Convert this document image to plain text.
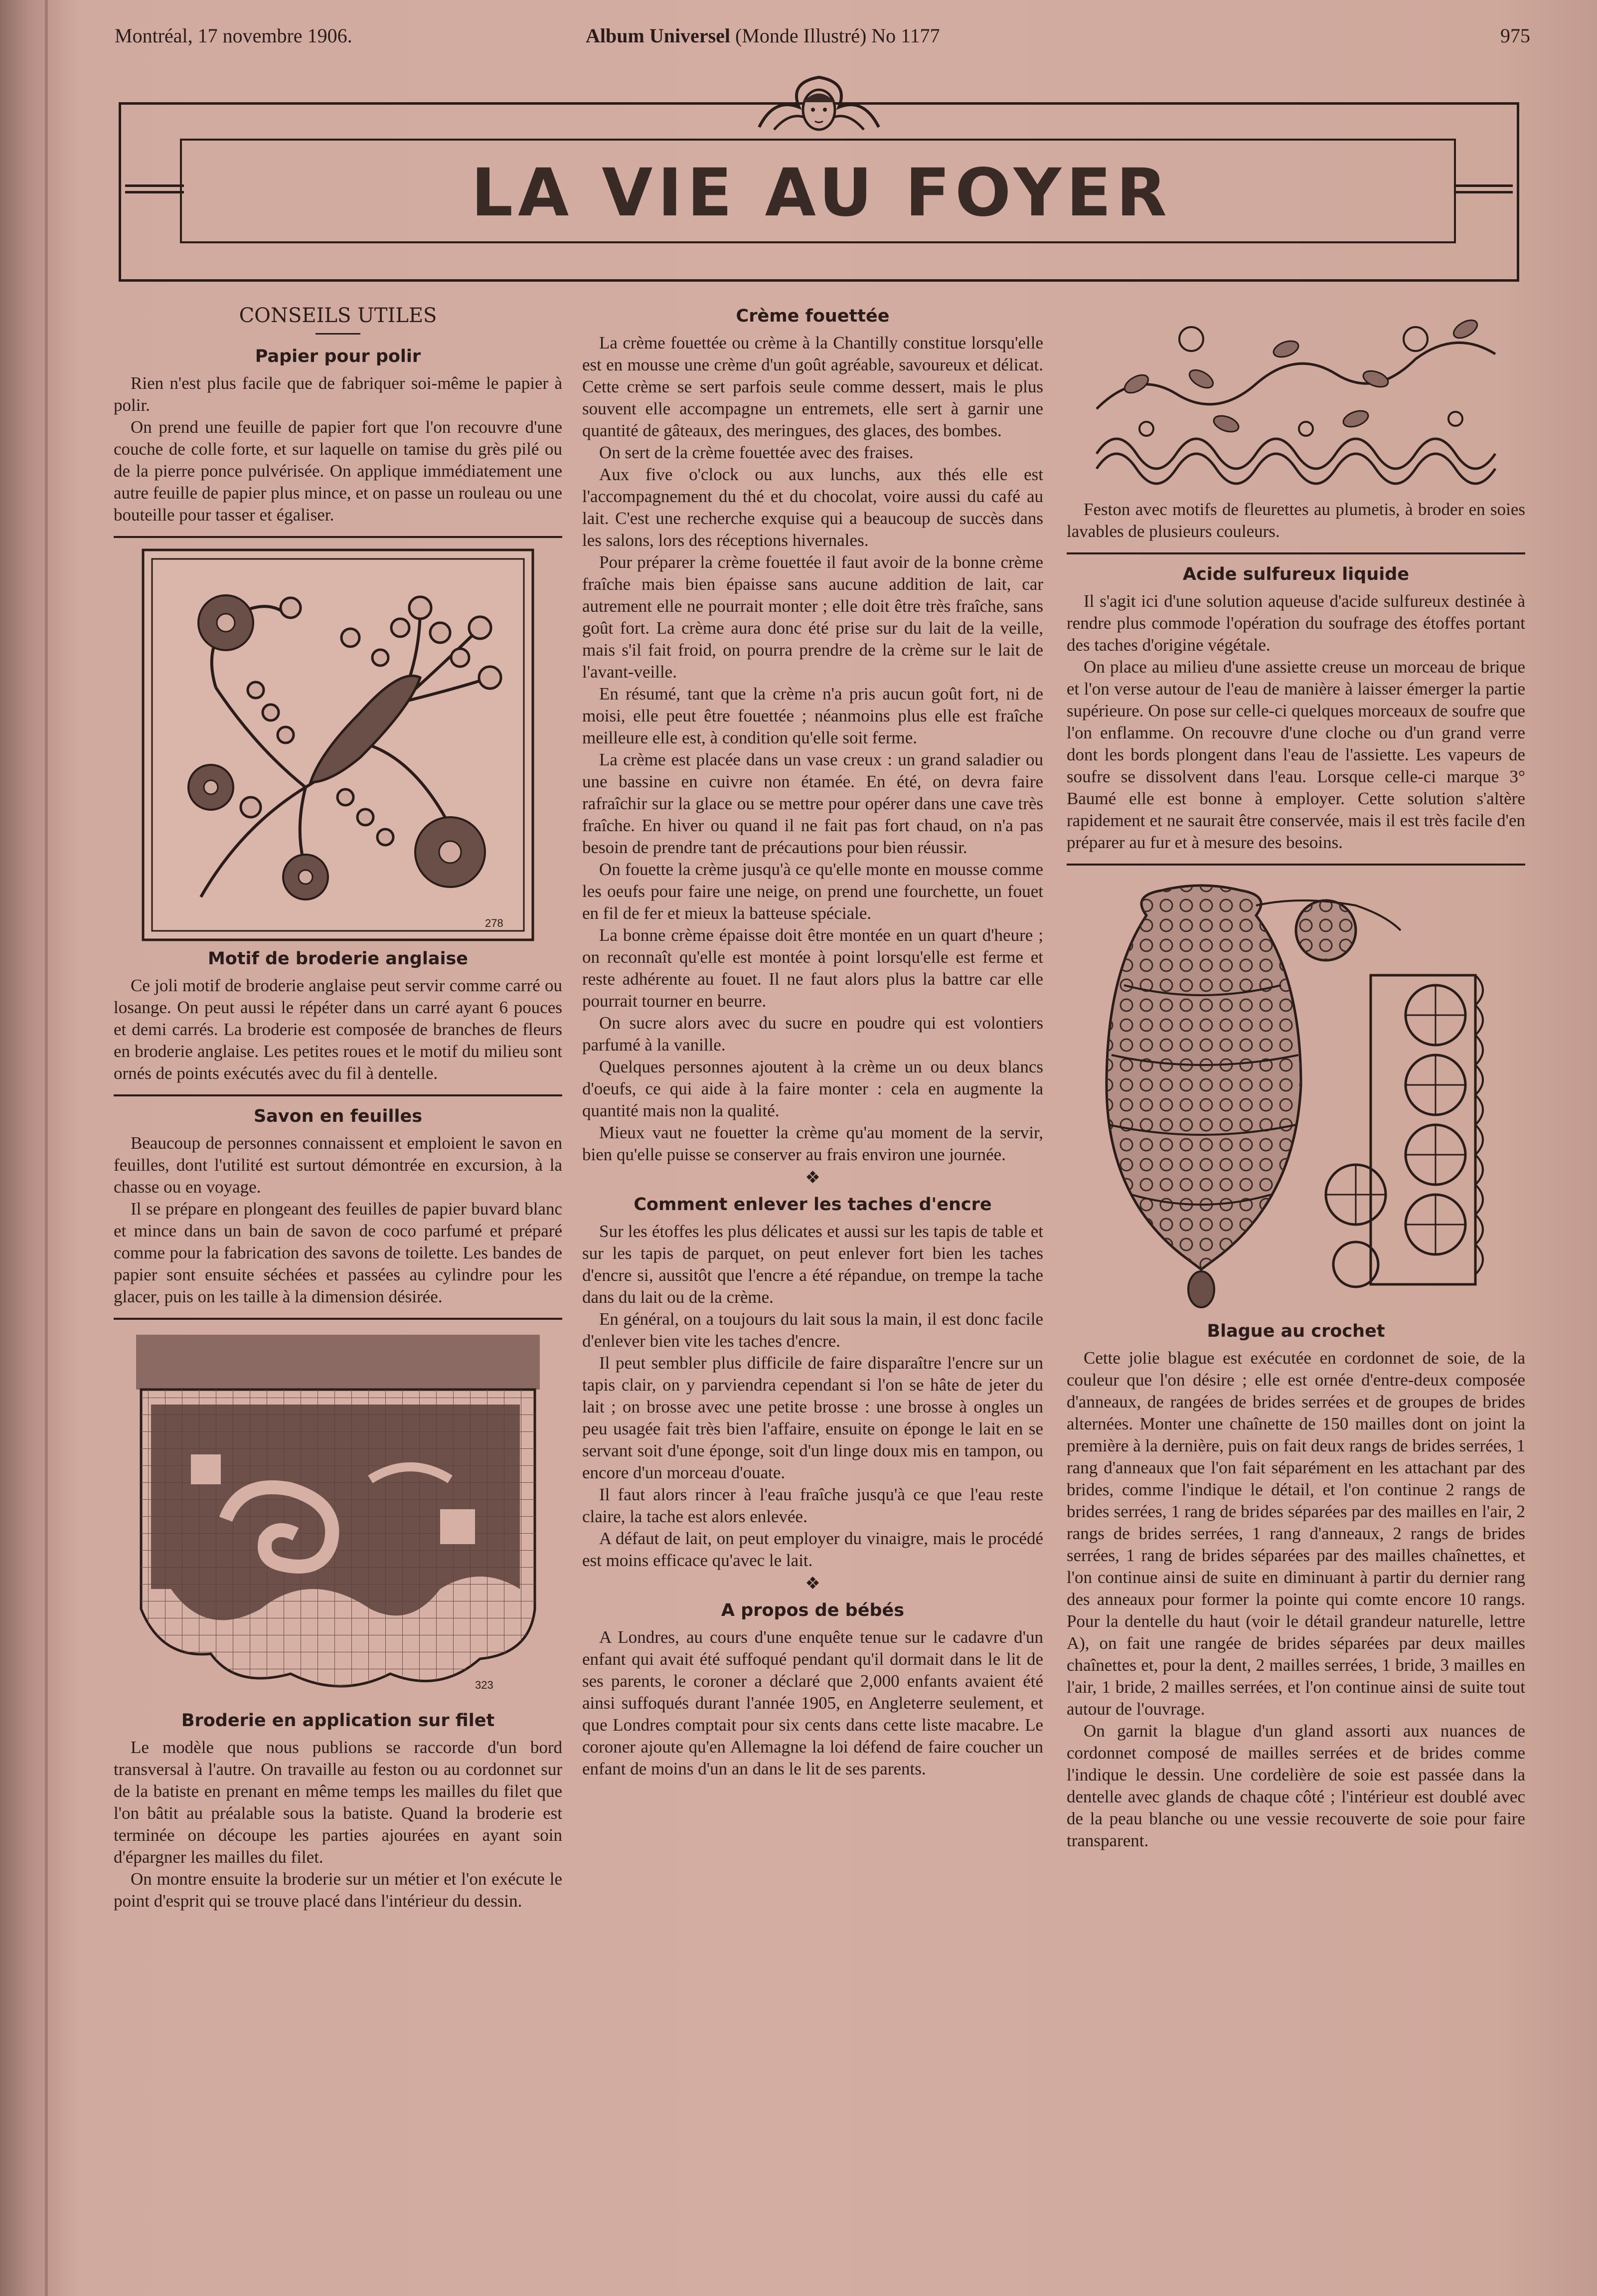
Montréal, 17 novembre 1906.	Album Universel (Monde Illustré) No 1177	975
LA VIE AU FOYER
CONSEILS UTILES
Papier pour polir

Rien n'est plus facile que de fabriquer soi-même le papier à polir.

On prend une feuille de papier fort que l'on recouvre d'une couche de colle forte, et sur laquelle on tamise du grès pilé ou de la pierre ponce pulvérisée. On applique immédiatement une autre feuille de papier plus mince, et on passe un rouleau ou une bouteille pour tasser et égaliser.

278
Motif de broderie anglaise

Ce joli motif de broderie anglaise peut servir comme carré ou losange. On peut aussi le répéter dans un carré ayant 6 pouces et demi carrés. La broderie est composée de branches de fleurs en broderie anglaise. Les petites roues et le motif du milieu sont ornés de points exécutés avec du fil à dentelle.

Savon en feuilles

Beaucoup de personnes connaissent et emploient le savon en feuilles, dont l'utilité est surtout démontrée en excursion, à la chasse ou en voyage.

Il se prépare en plongeant des feuilles de papier buvard blanc et mince dans un bain de savon de coco parfumé et préparé comme pour la fabrication des savons de toilette. Les bandes de papier sont ensuite séchées et passées au cylindre pour les glacer, puis on les taille à la dimension désirée.

323
Broderie en application sur filet

Le modèle que nous publions se raccorde d'un bord transversal à l'autre. On travaille au feston ou au cordonnet sur de la batiste en prenant en même temps les mailles du filet que l'on bâtit au préalable sous la batiste. Quand la broderie est terminée on découpe les parties ajourées en ayant soin d'épargner les mailles du filet.

On montre ensuite la broderie sur un métier et l'on exécute le point d'esprit qui se trouve placé dans l'intérieur du dessin.

Crème fouettée

La crème fouettée ou crème à la Chantilly constitue lorsqu'elle est en mousse une crème d'un goût agréable, savoureux et délicat. Cette crème se sert parfois seule comme dessert, mais le plus souvent elle accompagne un entremets, elle sert à garnir une quantité de gâteaux, des meringues, des glaces, des bombes.

On sert de la crème fouettée avec des fraises.

Aux five o'clock ou aux lunchs, aux thés elle est l'accompagnement du thé et du chocolat, voire aussi du café au lait. C'est une recherche exquise qui a beaucoup de succès dans les salons, lors des réceptions hivernales.

Pour préparer la crème fouettée il faut avoir de la bonne crème fraîche mais bien épaisse sans aucune addition de lait, car autrement elle ne pourrait monter ; elle doit être très fraîche, sans goût fort. La crème aura donc été prise sur du lait de la veille, mais s'il fait froid, on pourra prendre de la crème sur le lait de l'avant-veille.

En résumé, tant que la crème n'a pris aucun goût fort, ni de moisi, elle peut être fouettée ; néanmoins plus elle est fraîche meilleure elle est, à condition qu'elle soit ferme.

La crème est placée dans un vase creux : un grand saladier ou une bassine en cuivre non étamée. En été, on devra faire rafraîchir sur la glace ou se mettre pour opérer dans une cave très fraîche. En hiver ou quand il ne fait pas fort chaud, on n'a pas besoin de prendre tant de précautions pour bien réussir.

On fouette la crème jusqu'à ce qu'elle monte en mousse comme les oeufs pour faire une neige, on prend une fourchette, un fouet en fil de fer et mieux la batteuse spéciale.

La bonne crème épaisse doit être montée en un quart d'heure ; on reconnaît qu'elle est montée à point lorsqu'elle est ferme et reste adhérente au fouet. Il ne faut alors plus la battre car elle pourrait tourner en beurre.

On sucre alors avec du sucre en poudre qui est volontiers parfumé à la vanille.

Quelques personnes ajoutent à la crème un ou deux blancs d'oeufs, ce qui aide à la faire monter : cela en augmente la quantité mais non la qualité.

Mieux vaut ne fouetter la crème qu'au moment de la servir, bien qu'elle puisse se conserver au frais environ une journée.

❖
Comment enlever les taches d'encre

Sur les étoffes les plus délicates et aussi sur les tapis de table et sur les tapis de parquet, on peut enlever fort bien les taches d'encre si, aussitôt que l'encre a été répandue, on trempe la tache dans du lait ou de la crème.

En général, on a toujours du lait sous la main, il est donc facile d'enlever bien vite les taches d'encre.

Il peut sembler plus difficile de faire disparaître l'encre sur un tapis clair, on y parviendra cependant si l'on se hâte de jeter du lait ; on brosse avec une petite brosse : une brosse à ongles un peu usagée fait très bien l'affaire, ensuite on éponge le lait en se servant soit d'une éponge, soit d'un linge doux mis en tampon, ou encore d'un morceau d'ouate.

Il faut alors rincer à l'eau fraîche jusqu'à ce que l'eau reste claire, la tache est alors enlevée.

A défaut de lait, on peut employer du vinaigre, mais le procédé est moins efficace qu'avec le lait.

❖
A propos de bébés

A Londres, au cours d'une enquête tenue sur le cadavre d'un enfant qui avait été suffoqué pendant qu'il dormait dans le lit de ses parents, le coroner a déclaré que 2,000 enfants avaient été ainsi suffoqués durant l'année 1905, en Angleterre seulement, et que Londres comptait pour six cents dans cette liste macabre. Le coroner ajoute qu'en Allemagne la loi défend de faire coucher un enfant de moins d'un an dans le lit de ses parents.

Feston avec motifs de fleurettes au plumetis, à broder en soies lavables de plusieurs couleurs.

Acide sulfureux liquide

Il s'agit ici d'une solution aqueuse d'acide sulfureux destinée à rendre plus commode l'opération du soufrage des étoffes portant des taches d'origine végétale.

On place au milieu d'une assiette creuse un morceau de brique et l'on verse autour de l'eau de manière à laisser émerger la partie supérieure. On pose sur celle-ci quelques morceaux de soufre que l'on enflamme. On recouvre d'une cloche ou d'un grand verre dont les bords plongent dans l'eau de l'assiette. Les vapeurs de soufre se dissolvent dans l'eau. Lorsque celle-ci marque 3° Baumé elle est bonne à employer. Cette solution s'altère rapidement et ne saurait être conservée, mais il est très facile d'en préparer au fur et à mesure des besoins.

Blague au crochet

Cette jolie blague est exécutée en cordonnet de soie, de la couleur que l'on désire ; elle est ornée d'entre-deux composée d'anneaux, de rangées de brides serrées et de groupes de brides alternées. Monter une chaînette de 150 mailles dont on joint la première à la dernière, puis on fait deux rangs de brides serrées, 1 rang d'anneaux que l'on fait séparément en les attachant par des brides, comme l'indique le détail, et l'on continue 2 rangs de brides serrées, 1 rang de brides séparées par des mailles en l'air, 2 rangs de brides serrées, 1 rang d'anneaux, 2 rangs de brides serrées, 1 rang de brides séparées par des mailles chaînettes, et l'on continue ainsi de suite en diminuant à partir du dernier rang des anneaux pour former la pointe qui comte encore 10 rangs. Pour la dentelle du haut (voir le détail grandeur naturelle, lettre A), on fait une rangée de brides séparées par deux mailles chaînettes et, pour la dent, 2 mailles serrées, 1 bride, 3 mailles en l'air, 1 bride, 2 mailles serrées, et l'on continue ainsi de suite tout autour de l'ouvrage.

On garnit la blague d'un gland assorti aux nuances de cordonnet composé de mailles serrées et de brides comme l'indique le dessin. Une cordelière de soie est passée dans la dentelle avec glands de chaque côté ; l'intérieur est doublé avec de la peau blanche ou une vessie recouverte de soie pour faire transparent.
